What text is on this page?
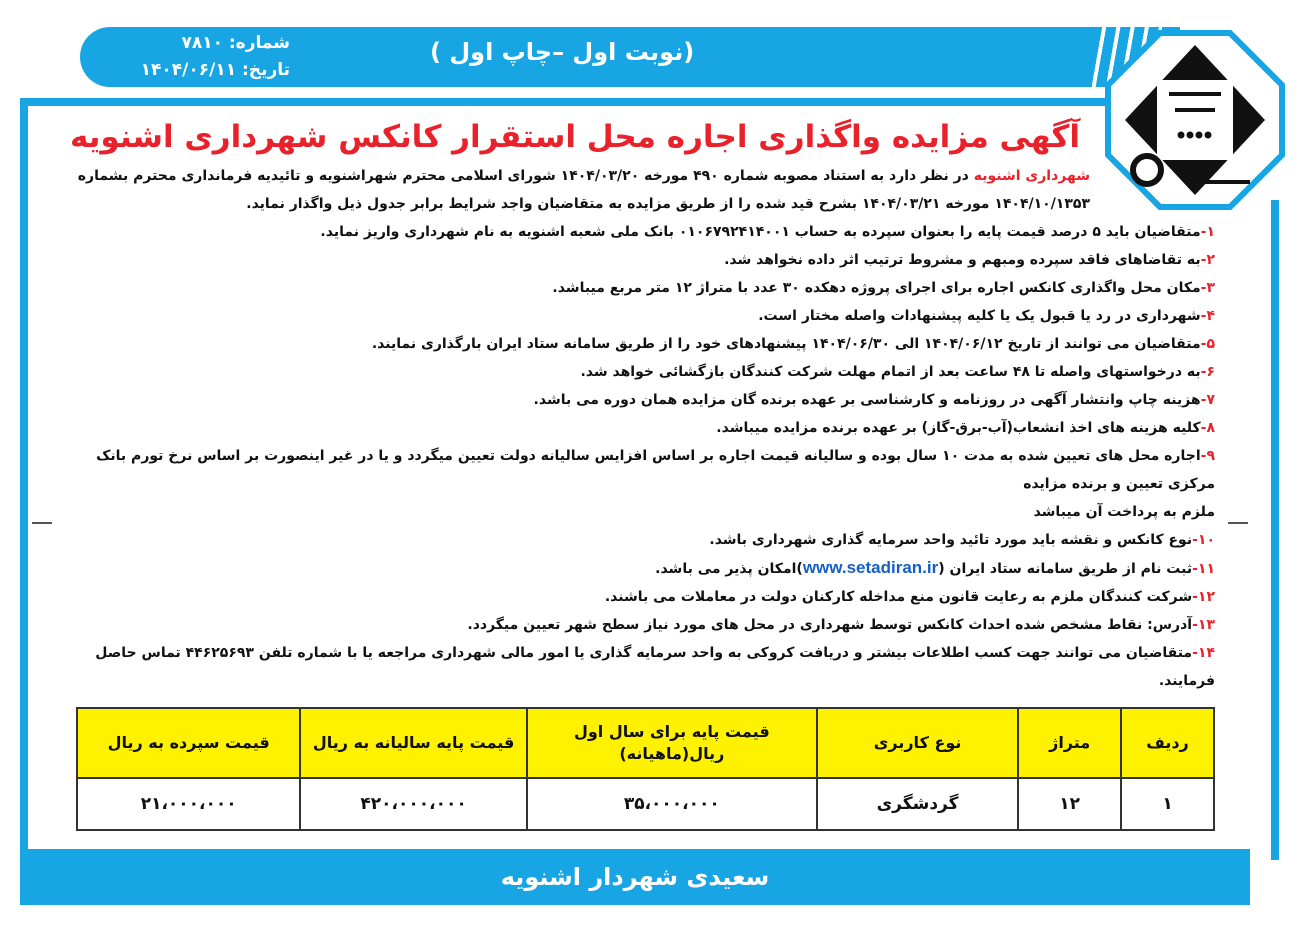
شماره: ۷۸۱۰
تاریخ: ۱۴۰۴/۰۶/۱۱
(نوبت اول –چاپ اول )
آگهی مزایده واگذاری اجاره محل استقرار کانکس شهرداری اشنویه
شهرداری اشنویه در نظر دارد به استناد مصوبه شماره ۴۹۰ مورخه ۱۴۰۴/۰۳/۲۰ شورای اسلامی محترم شهراشنویه و تائیدیه فرمانداری محترم بشماره ۱۴۰۴/۱۰/۱۳۵۳ مورخه ۱۴۰۴/۰۳/۲۱ بشرح قید شده را از طریق مزایده به متقاضیان واجد شرایط برابر جدول ذیل واگذار نماید.
۱-متقاضیان باید ۵ درصد قیمت پایه را بعنوان سپرده به حساب ۰۱۰۶۷۹۲۴۱۴۰۰۱ بانک ملی شعبه اشنویه به نام شهرداری واریز نماید.
۲-به تقاضاهای فاقد سپرده ومبهم و مشروط ترتیب اثر داده نخواهد شد.
۳-مکان محل واگذاری کانکس اجاره برای اجرای پروژه دهکده ۳۰ عدد با متراژ ۱۲ متر مربع میباشد.
۴-شهرداری در رد یا قبول یک یا کلیه پیشنهادات واصله مختار است.
۵-متقاضیان می توانند از تاریخ ۱۴۰۴/۰۶/۱۲ الی ۱۴۰۴/۰۶/۳۰ پیشنهادهای خود را از طریق سامانه ستاد ایران بارگذاری نمایند.
۶-به درخواستهای واصله تا ۴۸ ساعت بعد از اتمام مهلت شرکت کنندگان بازگشائی خواهد شد.
۷-هزینه چاپ وانتشار آگهی در روزنامه و کارشناسی بر عهده برنده گان مزایده همان دوره می باشد.
۸-کلیه هزینه های اخذ انشعاب(آب-برق-گاز) بر عهده برنده مزایده میباشد.
۹-اجاره محل های تعیین شده به مدت ۱۰ سال بوده و سالیانه قیمت اجاره بر اساس افزایس سالیانه دولت تعیین میگردد و یا در غیر اینصورت بر اساس نرخ تورم بانک مرکزی تعیین و برنده مزایده
ملزم به پرداخت آن میباشد
۱۰-نوع کانکس و نقشه باید مورد تائید واحد سرمایه گذاری شهرداری باشد.
۱۱-ثبت نام از طریق سامانه ستاد ایران (www.setadiran.ir)امکان پذیر می باشد.
۱۲-شرکت کنندگان ملزم به رعایت قانون منع مداخله کارکنان دولت در معاملات می باشند.
۱۳-آدرس: نقاط مشخص شده احداث کانکس توسط شهرداری در محل های مورد نیاز سطح شهر تعیین میگردد.
۱۴-متقاضیان می توانند جهت کسب اطلاعات بیشتر و دریافت کروکی به واحد سرمایه گذاری یا امور مالی شهرداری مراجعه یا با شماره تلفن ۴۴۶۲۵۶۹۳ تماس حاصل فرمایند.
ردیف	متراژ	نوع کاربری	قیمت پایه برای سال اول ریال(ماهیانه)	قیمت پایه سالیانه به ریال	قیمت سپرده به ریال
۱	۱۲	گردشگری	۳۵،۰۰۰،۰۰۰	۴۲۰،۰۰۰،۰۰۰	۲۱،۰۰۰،۰۰۰
سعیدی شهردار اشنویه
